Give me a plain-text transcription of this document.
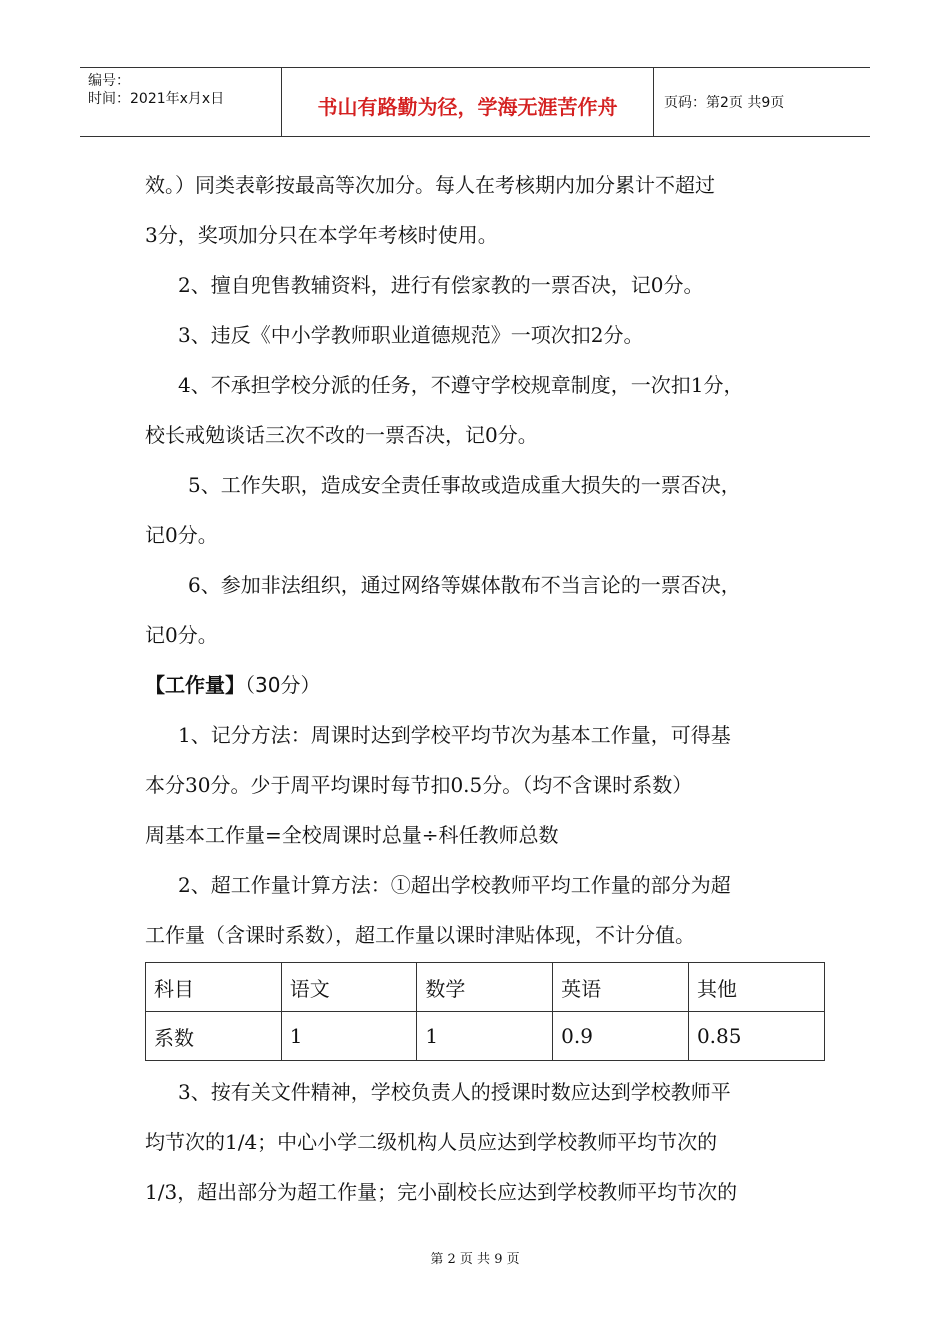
编号：
时间：2021年x月x日	书山有路勤为径，学海无涯苦作舟	页码：第2页 共9页

效。）同类表彰按最高等次加分。每人在考核期内加分累计不超过

3分，奖项加分只在本学年考核时使用。

2、擅自兜售教辅资料，进行有偿家教的一票否决，记0分。

3、违反《中小学教师职业道德规范》一项次扣2分。

4、不承担学校分派的任务，不遵守学校规章制度，一次扣1分，

校长戒勉谈话三次不改的一票否决，记0分。

5、工作失职，造成安全责任事故或造成重大损失的一票否决，

记0分。

6、参加非法组织，通过网络等媒体散布不当言论的一票否决，

记0分。

【工作量】（30分）

1、记分方法：周课时达到学校平均节次为基本工作量，可得基

本分30分。少于周平均课时每节扣0.5分。（均不含课时系数）

周基本工作量=全校周课时总量÷科任教师总数

2、超工作量计算方法：①超出学校教师平均工作量的部分为超

工作量（含课时系数），超工作量以课时津贴体现，不计分值。

科目	语文	数学	英语	其他
系数	1	1	0.9	0.85

3、按有关文件精神，学校负责人的授课时数应达到学校教师平

均节次的1/4；中心小学二级机构人员应达到学校教师平均节次的

1/3，超出部分为超工作量；完小副校长应达到学校教师平均节次的

第 2 页 共 9 页
